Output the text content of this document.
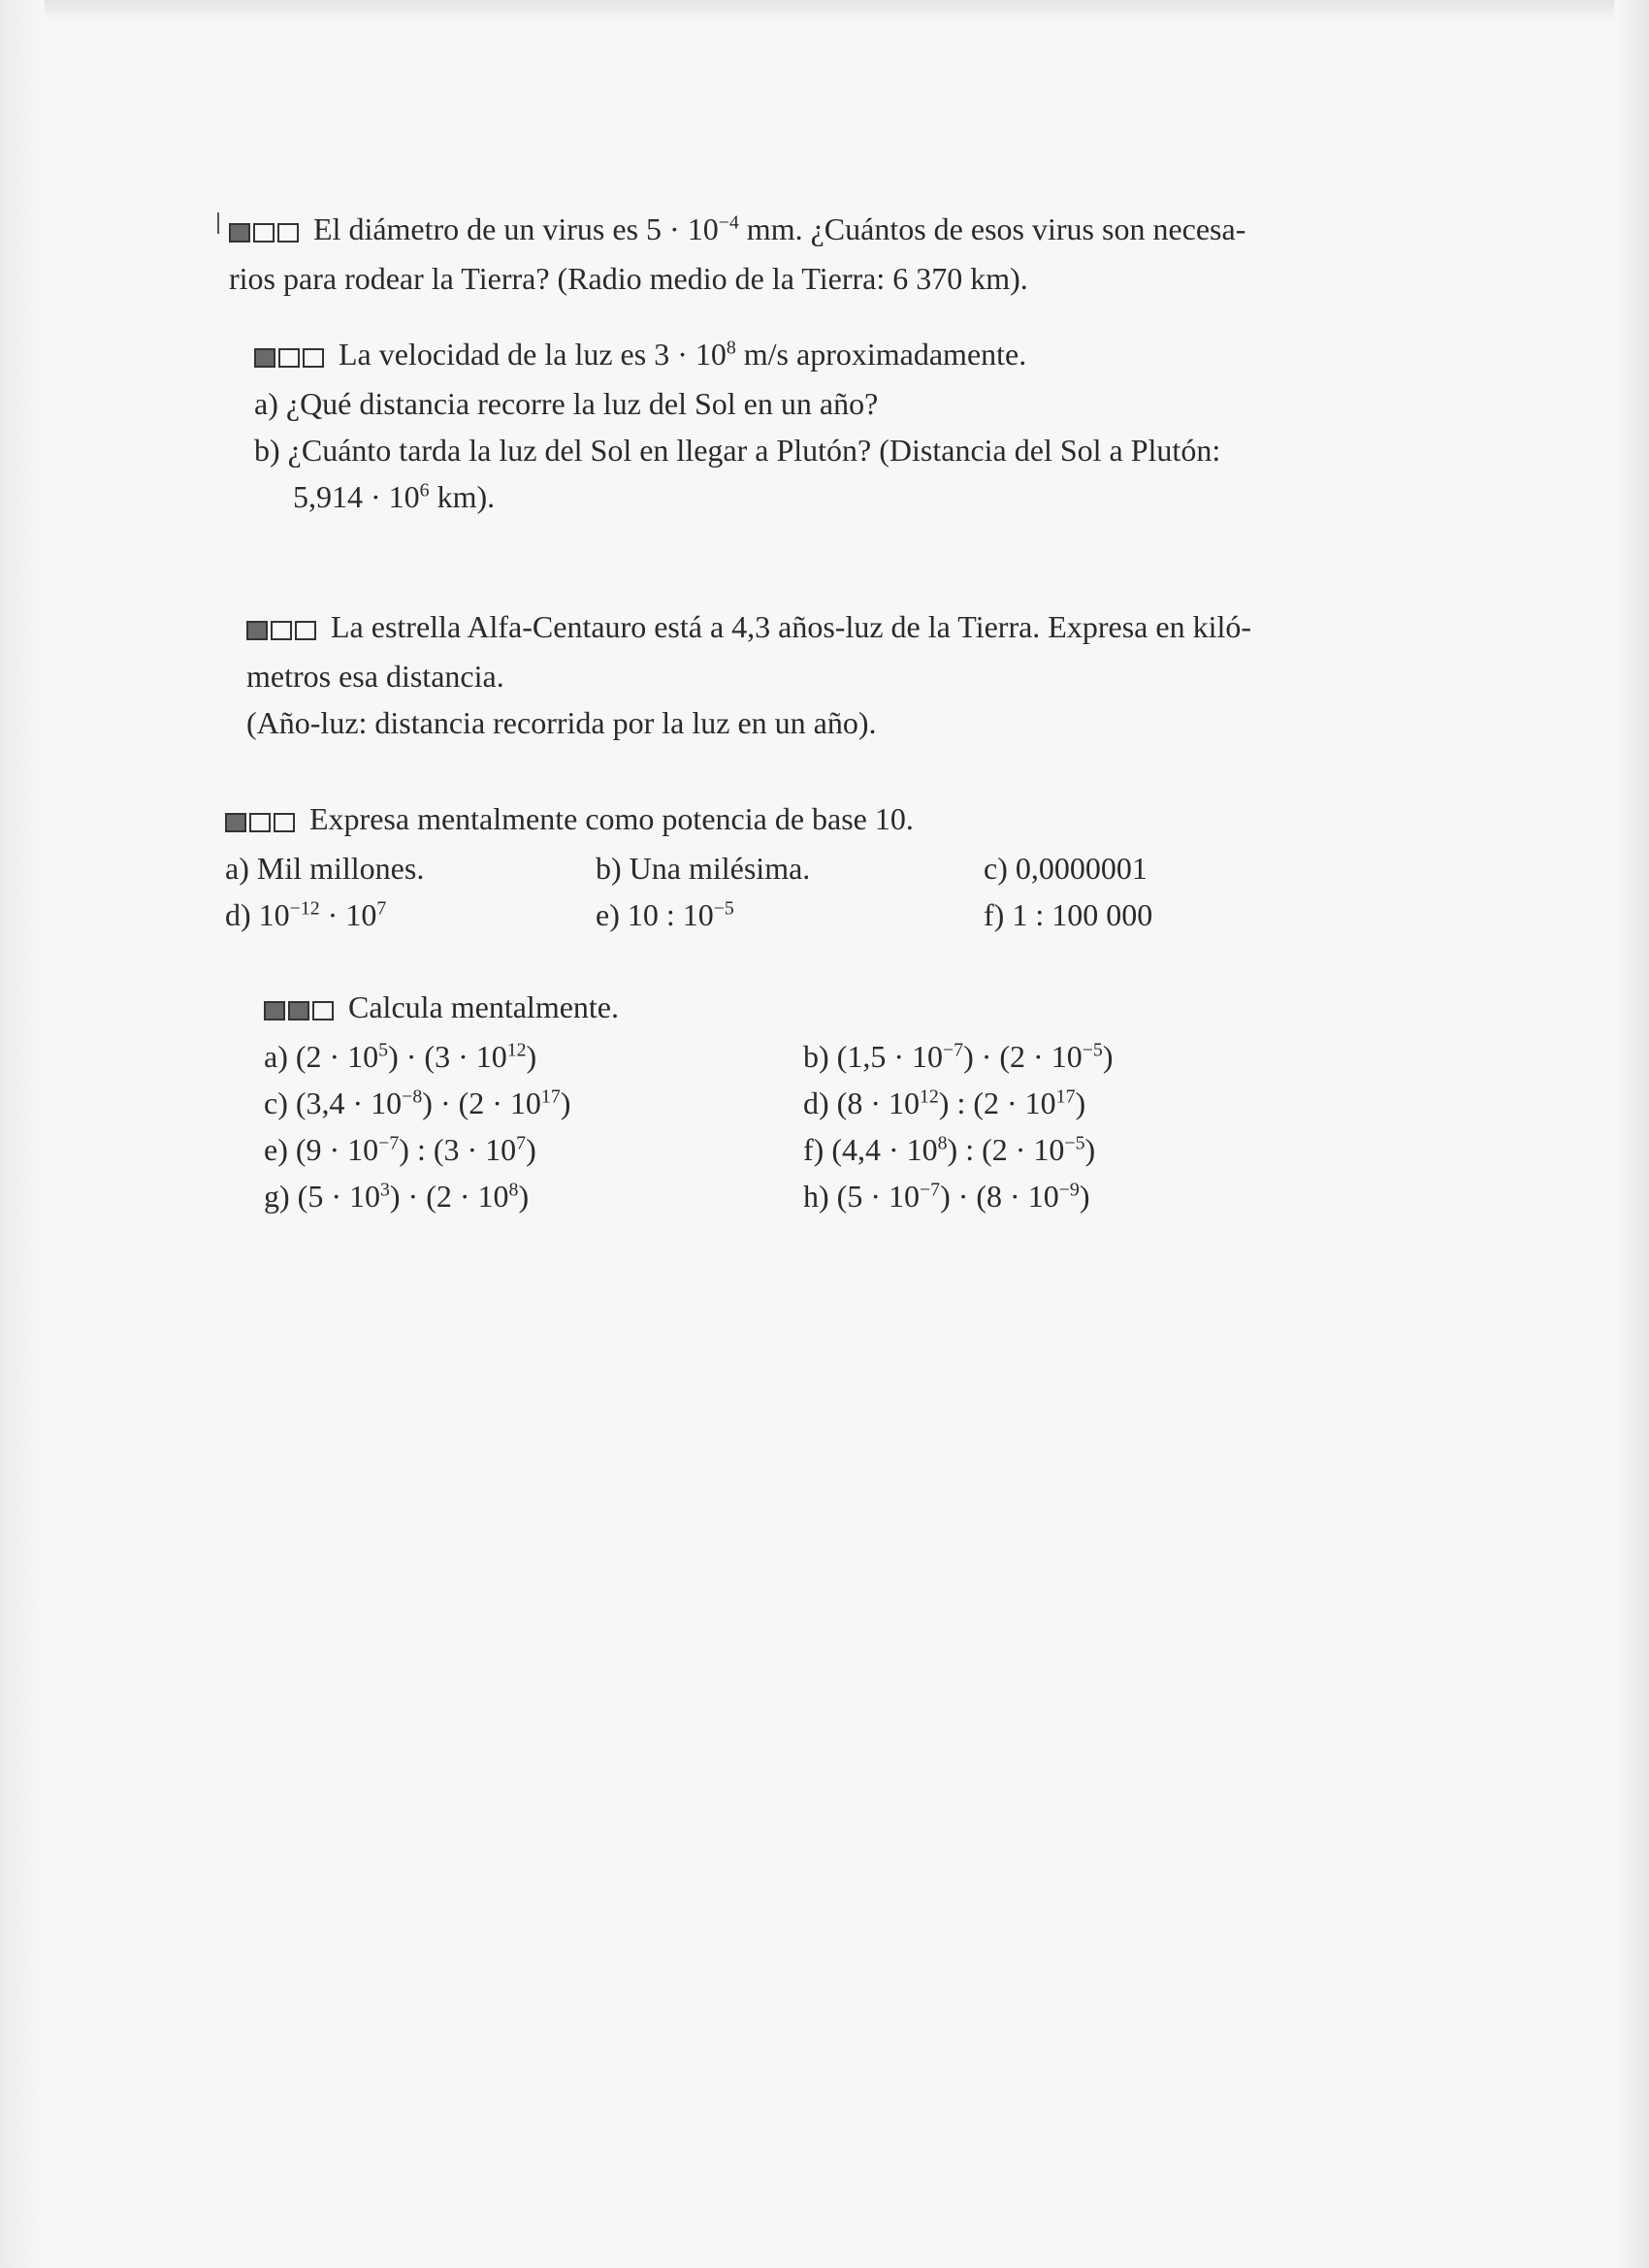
El diámetro de un virus es $5 \cdot 10^{-4}$ mm. ¿Cuántos de esos virus son necesa-
rios para rodear la Tierra? (Radio medio de la Tierra: 6 370 km).
La velocidad de la luz es $3 \cdot 10^8$ m/s aproximadamente.
a) ¿Qué distancia recorre la luz del Sol en un año?
b) ¿Cuánto tarda la luz del Sol en llegar a Plutón? (Distancia del Sol a Plutón:
$5,914 \cdot 10^6$ km).
La estrella Alfa-Centauro está a 4,3 años-luz de la Tierra. Expresa en kiló-
metros esa distancia.
(Año-luz: distancia recorrida por la luz en un año).
Expresa mentalmente como potencia de base 10.
a) Mil millones.	b) Una milésima.	c) 0,0000001
d) $10^{-12} \cdot 10^7$	e) 10 : $10^{-5}$	f) 1 : 100 000
Calcula mentalmente.
a) $(2 \cdot 10^5) \cdot (3 \cdot 10^{12})$	b) $(1,5 \cdot 10^{-7}) \cdot (2 \cdot 10^{-5})$
c) $(3,4 \cdot 10^{-8}) \cdot (2 \cdot 10^{17})$	d) $(8 \cdot 10^{12})$ : $(2 \cdot 10^{17})$
e) $(9 \cdot 10^{-7})$ : $(3 \cdot 10^7)$	f) $(4,4 \cdot 10^8)$ : $(2 \cdot 10^{-5})$
g) $(5 \cdot 10^3) \cdot (2 \cdot 10^8)$	h) $(5 \cdot 10^{-7}) \cdot (8 \cdot 10^{-9})$
